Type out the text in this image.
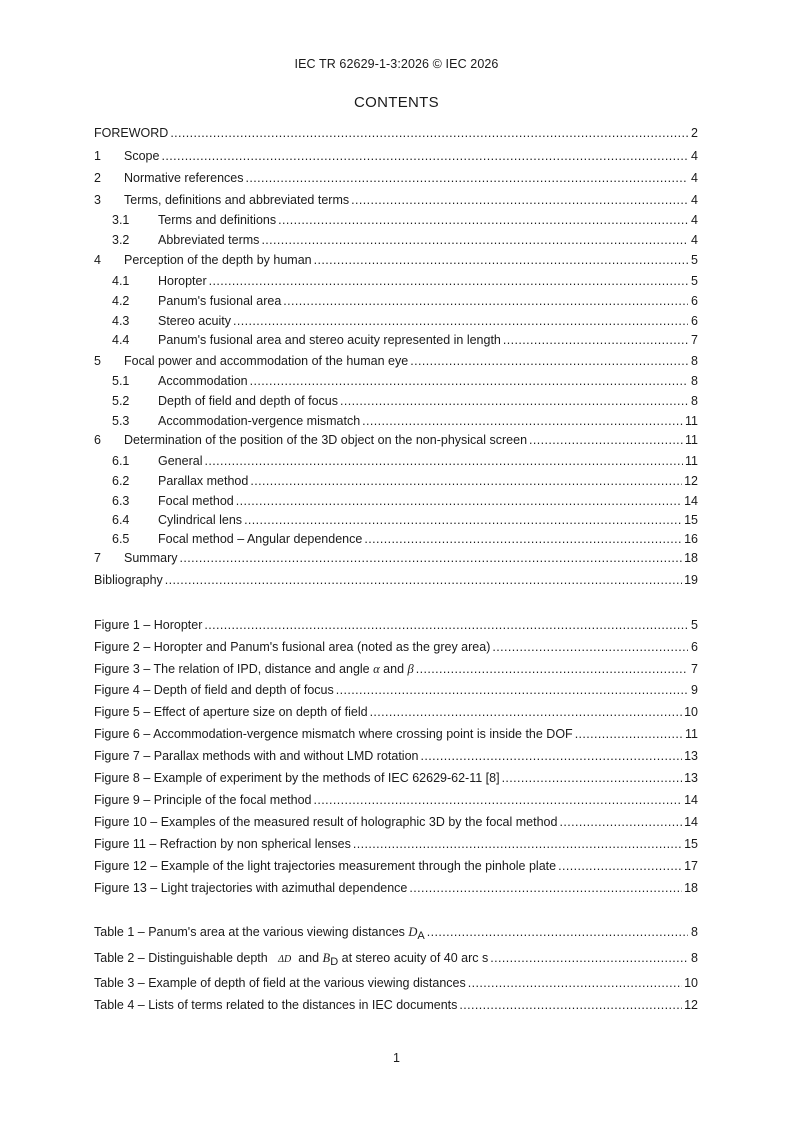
IEC TR 62629-1-3:2026 © IEC 2026
CONTENTS
FOREWORD .....	2
1	Scope .....	4
2	Normative references .....	4
3	Terms, definitions and abbreviated terms .....	4
3.1	Terms and definitions .....	4
3.2	Abbreviated terms .....	4
4	Perception of the depth by human .....	5
4.1	Horopter .....	5
4.2	Panum's fusional area .....	6
4.3	Stereo acuity .....	6
4.4	Panum's fusional area and stereo acuity represented in length .....	7
5	Focal power and accommodation of the human eye .....	8
5.1	Accommodation .....	8
5.2	Depth of field and depth of focus .....	8
5.3	Accommodation-vergence mismatch .....	11
6	Determination of the position of the 3D object on the non-physical screen .....	11
6.1	General .....	11
6.2	Parallax method .....	12
6.3	Focal method .....	14
6.4	Cylindrical lens .....	15
6.5	Focal method – Angular dependence .....	16
7	Summary .....	18
Bibliography .....	19
Figure 1 – Horopter .....	5
Figure 2 – Horopter and Panum's fusional area (noted as the grey area) .....	6
Figure 3 – The relation of IPD, distance and angle α and β .....	7
Figure 4 – Depth of field and depth of focus .....	9
Figure 5 – Effect of aperture size on depth of field .....	10
Figure 6 – Accommodation-vergence mismatch where crossing point is inside the DOF .....	11
Figure 7 – Parallax methods with and without LMD rotation .....	13
Figure 8 – Example of experiment by the methods of IEC 62629-62-11 [8] .....	13
Figure 9 – Principle of the focal method .....	14
Figure 10 – Examples of the measured result of holographic 3D by the focal method .....	14
Figure 11 – Refraction by non spherical lenses .....	15
Figure 12 – Example of the light trajectories measurement through the pinhole plate .....	17
Figure 13 – Light trajectories with azimuthal dependence .....	18
Table 1 – Panum's area at the various viewing distances DA .....	8
Table 2 – Distinguishable depth ΔD and BD at stereo acuity of 40 arc s .....	8
Table 3 – Example of depth of field at the various viewing distances .....	10
Table 4 – Lists of terms related to the distances in IEC documents .....	12
1
